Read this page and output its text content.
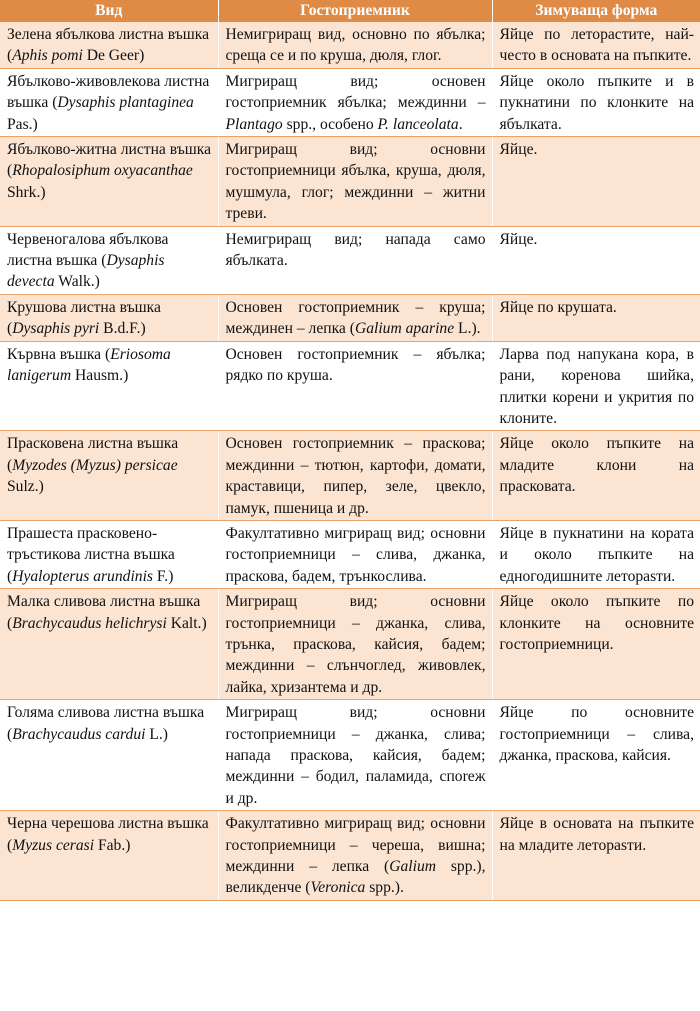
Вид	Гостоприемник	Зимуваща форма
Зелена ябълкова листна въшка (Aphis pomi De Geer)	Немигриращ вид, основно по ябълка; среща се и по круша, дюля, глог.	Яйце по леторастите, най-често в основата на пъпките.
Ябълково-живовлекова листна въшка (Dysaphis plantaginea Pas.)	Мигриращ вид; основен гостоприемник ябълка; междинни – Plantago spp., особено P. lanceolata.	Яйце около пъпките и в пукнатини по клонките на ябълката.
Ябълково-житна листна въшка (Rhopalosiphum oxyacanthae Shrk.)	Мигриращ вид; основни гостоприемници ябълка, круша, дюля, мушмула, глог; междинни – житни треви.	Яйце.
Червеногалова ябълкова листна въшка (Dysaphis devecta Walk.)	Немигриращ вид; напада само ябълката.	Яйце.
Крушова листна въшка (Dysaphis pyri B.d.F.)	Основен гостоприемник – круша; междинен – лепка (Galium aparine L.).	Яйце по крушата.
Кървна въшка (Eriosoma lanigerum Hausm.)	Основен гостоприемник – ябълка; рядко по круша.	Ларва под напукана кора, в рани, коренова шийка, плитки корени и укрития по клоните.
Прасковена листна въшка (Myzodes (Myzus) persicae Sulz.)	Основен гостоприемник – праскова; междинни – тютюн, картофи, домати, краставици, пипер, зеле, цвекло, памук, пшеница и др.	Яйце около пъпките на младите клони на прасковата.
Прашеста прасковено-тръстикова листна въшка (Hyalopterus arundinis F.)	Факултативно мигриращ вид; основни гостоприемници – слива, джанка, праскова, бадем, трънкослива.	Яйце в пукнатини на кората и около пъпките на едногодишните летораsти.
Малка сливова листна въшка (Brachycaudus helichrysi Kalt.)	Мигриращ вид; основни гостоприемници – джанка, слива, трънка, праскова, кайсия, бадем; междинни – слънчоглед, живовлек, лайка, хризантема и др.	Яйце около пъпките по клонките на основните гостоприемници.
Голяма сливова листна въшка (Brachycaudus cardui L.)	Мигриращ вид; основни гостоприемници – джанка, слива; напада праскова, кайсия, бадем; междинни – бодил, паламида, споreж и др.	Яйце по основните гостоприемници – слива, джанка, праскова, кайсия.
Черна черешова листна въшка (Myzus cerasi Fab.)	Факултативно мигриращ вид; основни гостоприемници – череша, вишна; междинни – лепка (Galium spp.), великденче (Veronica spp.).	Яйце в основата на пъпките на младите летораsти.
